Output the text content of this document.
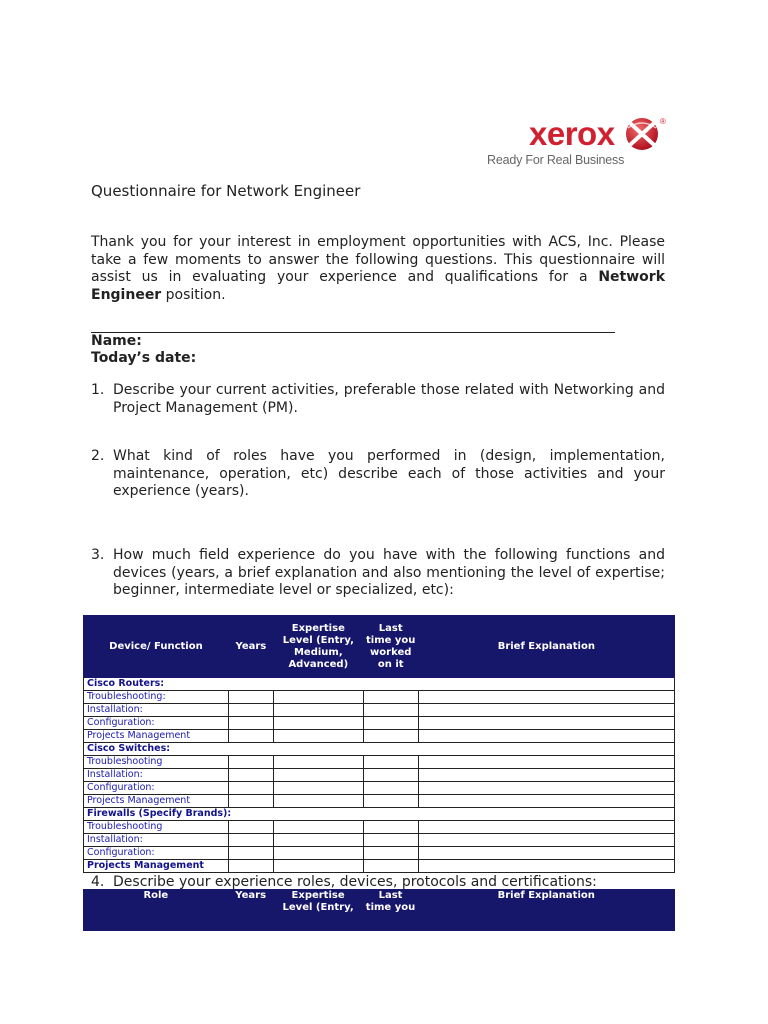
xerox	®
Ready For Real Business
Questionnaire for Network Engineer
Thank you for your interest in employment opportunities with ACS, Inc. Please take a few moments to answer the following questions. This questionnaire will assist us in evaluating your experience and qualifications for a Network Engineer position.
Name:
Today’s date:
1. Describe your current activities, preferable those related with Networking and Project Management (PM).
2. What kind of roles have you performed in (design, implementation, maintenance, operation, etc) describe each of those activities and your experience (years).
3. How much field experience do you have with the following functions and devices (years, a brief explanation and also mentioning the level of expertise; beginner, intermediate level or specialized, etc):
Device/ Function	Years	Expertise Level (Entry, Medium, Advanced)	Last time you worked on it	Brief Explanation
Cisco Routers:				
Troubleshooting:				
Installation:				
Configuration:				
Projects Management				
Cisco Switches:				
Troubleshooting				
Installation:				
Configuration:				
Projects Management				
Firewalls (Specify Brands):				
Troubleshooting				
Installation:				
Configuration:				
Projects Management				
4. Describe your experience roles, devices, protocols and certifications:
Role	Years	Expertise Level (Entry,	Last time you	Brief Explanation
